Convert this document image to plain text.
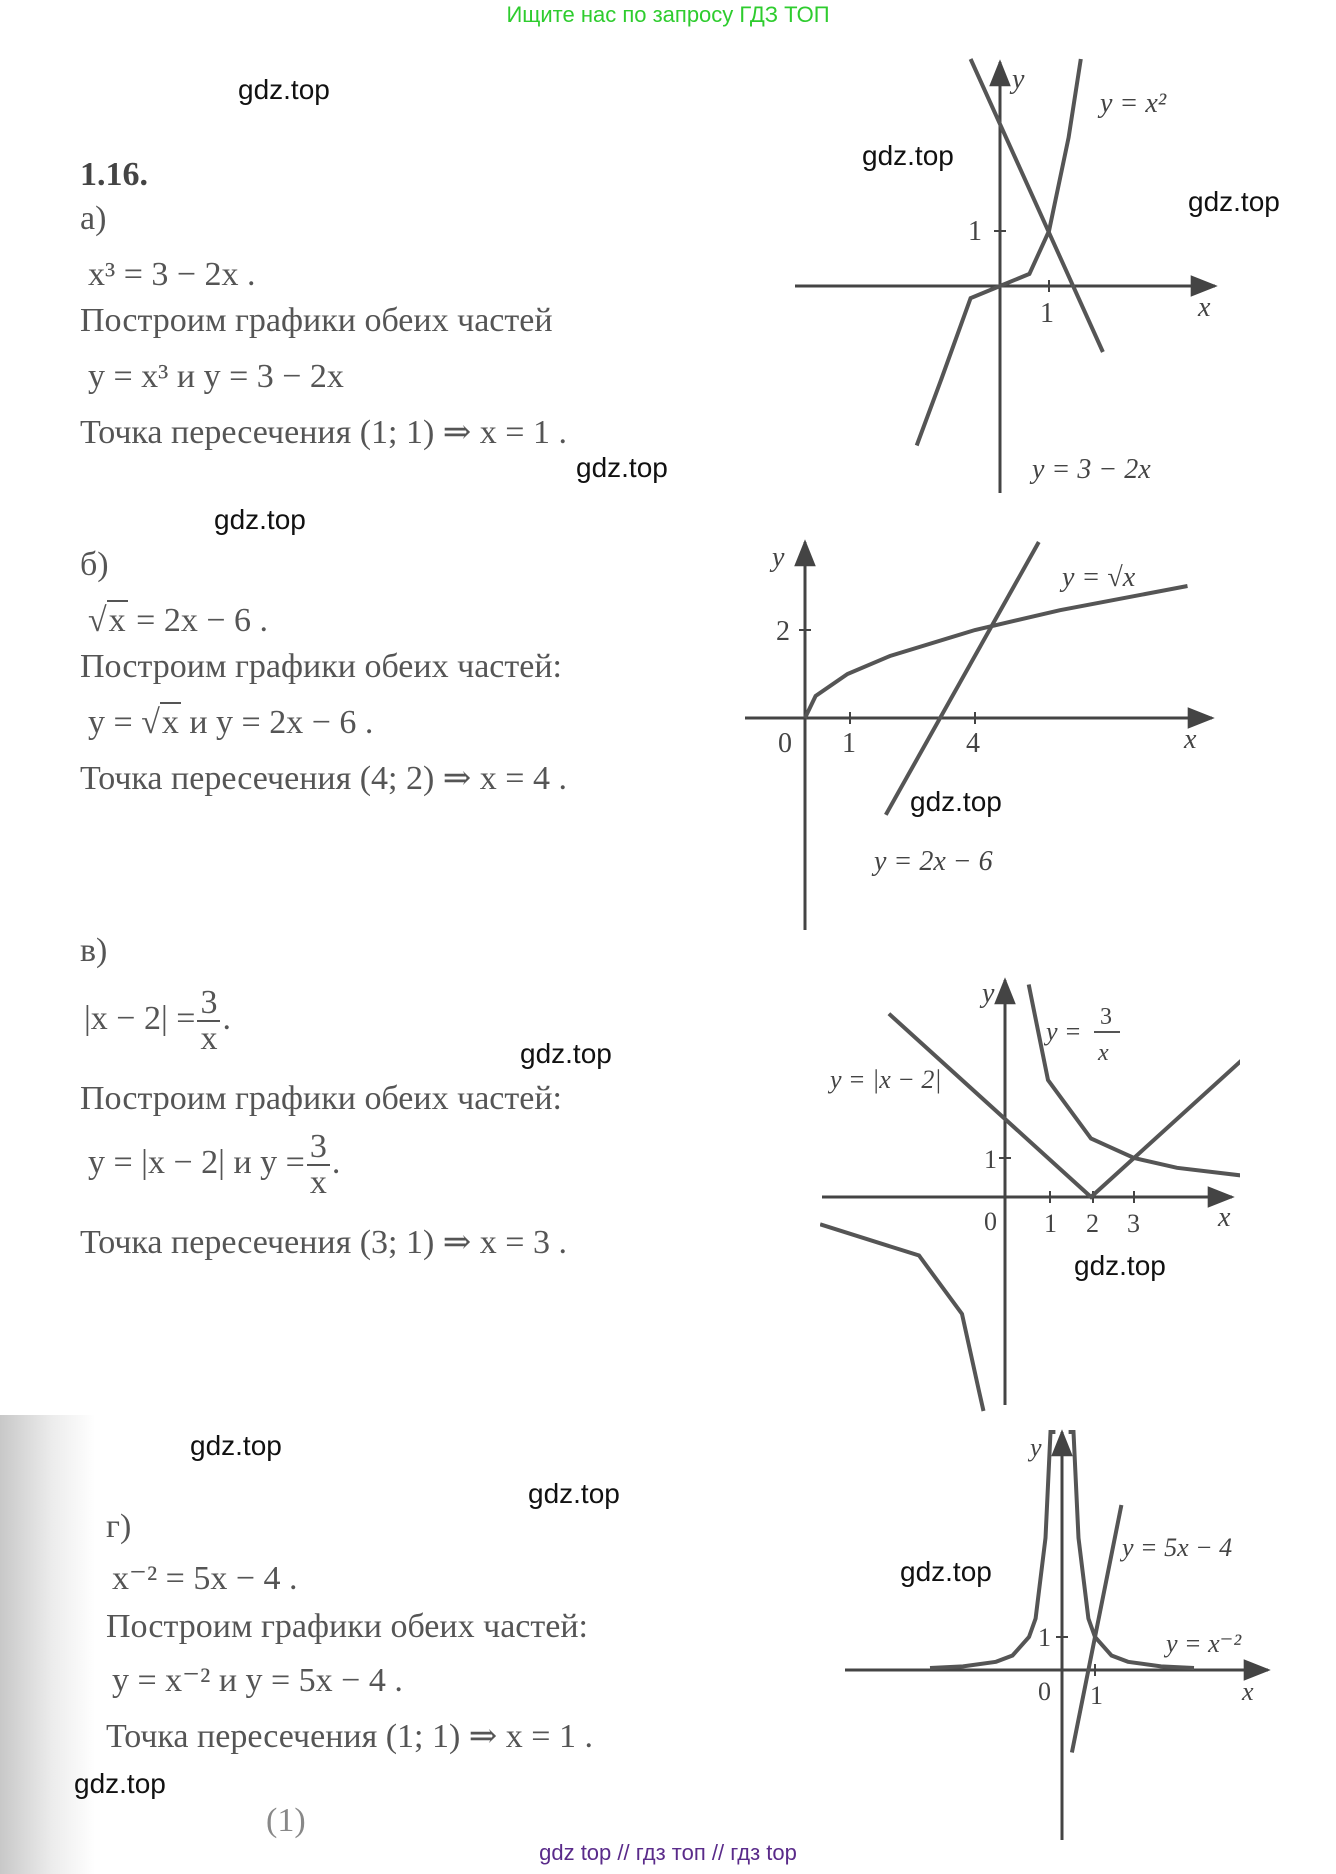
Ищите нас по запросу ГДЗ ТОП
gdz.top
gdz.top
gdz.top
gdz.top
gdz.top
gdz.top
gdz.top
gdz.top
gdz.top
gdz.top
gdz.top
gdz.top
1.16.
а)
x³ = 3 − 2x .
Построим графики обеих частей
y = x³ и y = 3 − 2x
Точка пересечения (1; 1) ⇒ x = 1 .
б)
√x = 2x − 6 .
Построим графики обеих частей:
y = √x и y = 2x − 6 .
Точка пересечения (4; 2) ⇒ x = 4 .
в)
$|x - 2| = \frac{3}{x}$ .
Построим графики обеих частей:
y = |x − 2| и $y = \frac{3}{x}$ .
Точка пересечения (3; 1) ⇒ x = 3 .
г)
x⁻² = 5x − 4 .
Построим графики обеих частей:
y = x⁻² и y = 5x − 4 .
Точка пересечения (1; 1) ⇒ x = 1 .
(1)
y
x
1
1
y = x²
y = 3 − 2x
y
x
0 1	4
2
y = √x
y = 2x − 6
y
x
0 1 2 3
1
y = |x − 2|
y = 3
x
y
x
0 1
1
y = 5x − 4
y = x⁻²
gdz top // гдз топ // гдз top
